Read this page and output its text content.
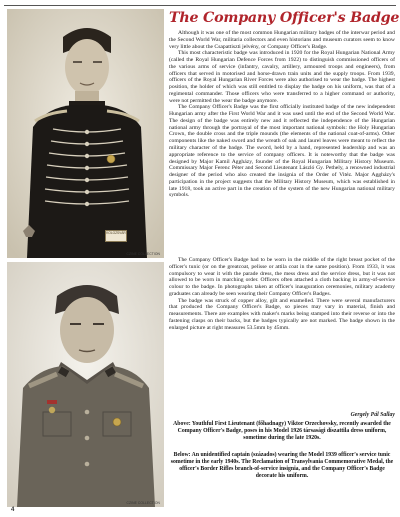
KOLOZSVÁR
CZINE COLLECTION
CZINE COLLECTION
The Company Officer's Badge

Although it was one of the most common Hungarian military badges of the interwar period and the Second World War, militaria collectors and even historians and museum curators seem to know very little about the Csapattiszti jelvény, or Company Officer's Badge.

This most characteristic badge was introduced in 1920 for the Royal Hungarian National Army (called the Royal Hungarian Defence Forces from 1922) to distinguish commissioned officers of the various arms of service (infantry, cavalry, artillery, armoured troops and engineers), from officers that served in motorised and horse-drawn train units and the supply troops. From 1939, officers of the Royal Hungarian River Forces were also authorised to wear the badge. The highest position, the holder of which was still entitled to display the badge on his uniform, was that of a regimental commander. Those officers who were transferred to a higher command or authority, were not permitted the wear the badge anymore.

The Company Officer's Badge was the first officially instituted badge of the new independent Hungarian army after the First World War and it was used until the end of the Second World War. The design of the badge was entirely new and it reflected the independence of the Hungarian national army through the portrayal of the most important national symbols: the Holy Hungarian Crown, the double cross and the triple mounds (the elements of the national coat-of-arms). Other components like the naked sword and the wreath of oak and laurel leaves were meant to reflect the military character of the badge. The sword, held by a hand, represented leadership and was an appropriate reference to the service of company officers. It is noteworthy that the badge was designed by Major Kamil Aggházy, founder of the Royal Hungarian Military History Museum. Commissary Major Ferenc Péter and Second Lieutenant László Gy. Pethely, a renowned industrial designer of the period who also created the insignia of the Order of Vitéz. Major Aggházy's participation in the project suggests that the Military History Museum, which was established in late 1918, took an active part in the creation of the system of the new Hungarian national military symbols.

The Company Officer's Badge had to be worn in the middle of the right breast pocket of the officer's tunic (or on the greatcoat, pelisse or attila coat in the same position). From 1933, it was compulsory to wear it with the parade dress, the mess dress and the service dress, but it was not allowed to be worn in marching order. Officers often attached a cloth backing in army-of-service colour to the badge. In photographs taken at officer's inauguration ceremonies, military academy graduates can already be seen wearing their Company Officer's Badges.

The badge was struck of copper alloy, gilt and enamelled. There were several manufacturers that produced the Company Officer's Badge, so pieces may vary in material, finish and measurements. There are examples with maker's marks being stamped into their reverse or into the fastening clasps on their backs, but the badges typically are not marked. The badge shown in the enlarged picture at right measures 53.5mm by 45mm.

Gergely Pál Sallay

Above: Youthful First Lieutenant (főhadnagy) Viktor Orzechovsky, recently awarded the Company Officer's Badge, poses in his Model 1926 társasági díszattila dress uniform, sometime during the late 1920s.

Below: An unidentified captain (százados) wearing the Model 1939 officer's service tunic sometime in the early 1940s. The Reclamation of Transylvania Commemorative Medal, the officer's Border Rifles branch-of-service insignia, and the Company Officer's Badge decorate his uniform.

4
